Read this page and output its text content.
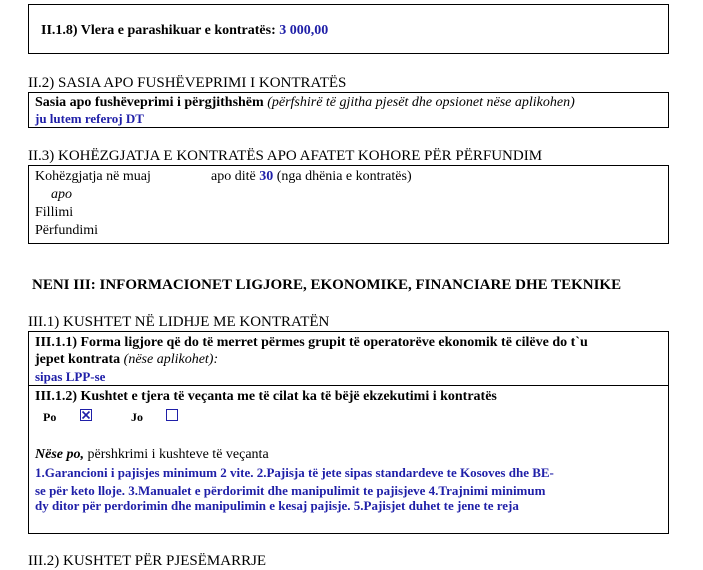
II.1.8) Vlera e parashikuar e kontratës: 3 000,00
II.2) SASIA APO FUSHËVEPRIMI I KONTRATËS
Sasia apo fushëveprimi i përgjithshëm (përfshirë të gjitha pjesët dhe opsionet nëse aplikohen)
ju lutem referoj DT
II.3) KOHËZGJATJA E KONTRATËS APO AFATET KOHORE PËR PËRFUNDIM
Kohëzgjatja në muaj	apo ditë 30 (nga dhënia e kontratës)
apo
Fillimi
Përfundimi
NENI III: INFORMACIONET LIGJORE, EKONOMIKE, FINANCIARE DHE TEKNIKE
III.1) KUSHTET NË LIDHJE ME KONTRATËN
III.1.1) Forma ligjore që do të merret përmes grupit të operatorëve ekonomik të cilëve do t`u
jepet kontrata (nëse aplikohet):
sipas LPP-se
III.1.2) Kushtet e tjera të veçanta me të cilat ka të bëjë ekzekutimi i kontratës
Po	Jo
Nëse po, përshkrimi i kushteve të veçanta
1.Garancioni i pajisjes minimum 2 vite. 2.Pajisja të jete sipas standardeve te Kosoves dhe BE-
se për keto lloje. 3.Manualet e përdorimit dhe manipulimit te pajisjeve 4.Trajnimi minimum
dy ditor për perdorimin dhe manipulimin e kesaj pajisje. 5.Pajisjet duhet te jene te reja
III.2) KUSHTET PËR PJESËMARRJE
